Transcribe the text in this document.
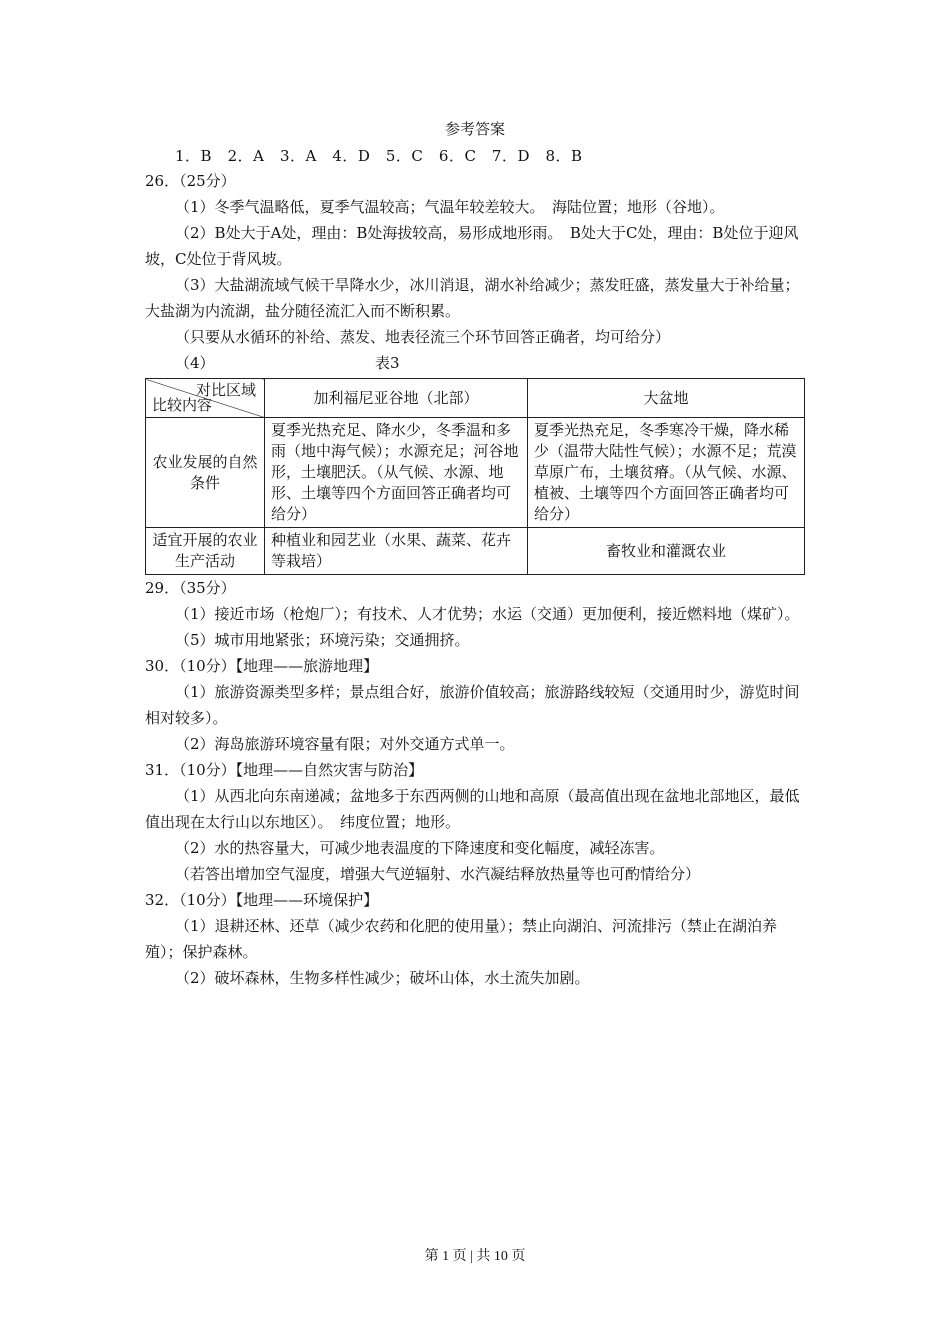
参考答案
1．B　2．A　3．A　4．D　5．C　6．C　7．D　8．B

26．（25分）

（1）冬季气温略低，夏季气温较高；气温年较差较大。　海陆位置；地形（谷地）。

（2）B处大于A处，理由：B处海拔较高，易形成地形雨。　B处大于C处，理由：B处位于迎风坡，C处位于背风坡。

（3）大盐湖流域气候干旱降水少，冰川消退，湖水补给减少；蒸发旺盛，蒸发量大于补给量；大盐湖为内流湖，盐分随径流汇入而不断积累。

（只要从水循环的补给、蒸发、地表径流三个环节回答正确者，均可给分）

（4）	表3
对比区域
比较内容	加利福尼亚谷地（北部）	大盆地
农业发展的自然条件	夏季光热充足、降水少，冬季温和多雨（地中海气候）；水源充足；河谷地形，土壤肥沃。（从气候、水源、地形、土壤等四个方面回答正确者均可给分）	夏季光热充足，冬季寒冷干燥，降水稀少（温带大陆性气候）；水源不足；荒漠草原广布，土壤贫瘠。（从气候、水源、植被、土壤等四个方面回答正确者均可给分）
适宜开展的农业生产活动	种植业和园艺业（水果、蔬菜、花卉等栽培）	畜牧业和灌溉农业

29．（35分）

（1）接近市场（枪炮厂）；有技术、人才优势；水运（交通）更加便利，接近燃料地（煤矿）。

（5）城市用地紧张；环境污染；交通拥挤。

30．（10分）【地理——旅游地理】

（1）旅游资源类型多样；景点组合好，旅游价值较高；旅游路线较短（交通用时少，游览时间相对较多）。

（2）海岛旅游环境容量有限；对外交通方式单一。

31．（10分）【地理——自然灾害与防治】

（1）从西北向东南递减；盆地多于东西两侧的山地和高原（最高值出现在盆地北部地区，最低值出现在太行山以东地区）。　纬度位置；地形。

（2）水的热容量大，可减少地表温度的下降速度和变化幅度，减轻冻害。

（若答出增加空气湿度，增强大气逆辐射、水汽凝结释放热量等也可酌情给分）

32．（10分）【地理——环境保护】

（1）退耕还林、还草（减少农药和化肥的使用量）；禁止向湖泊、河流排污（禁止在湖泊养殖）；保护森林。

（2）破坏森林，生物多样性减少；破坏山体，水土流失加剧。

第 1 页 | 共 10 页
